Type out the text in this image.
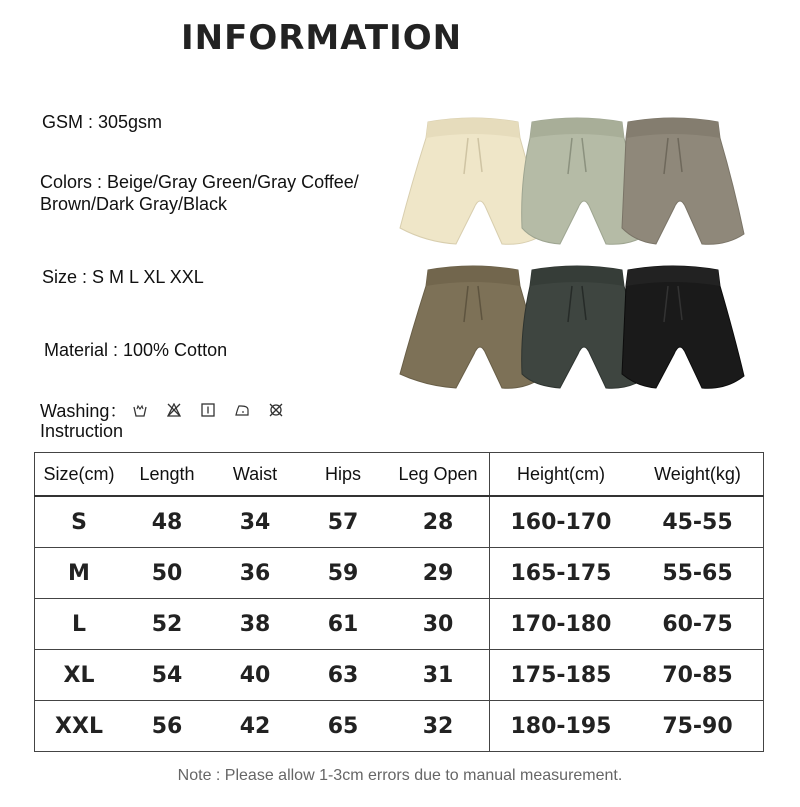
INFORMATION
GSM : 305gsm
Colors : Beige/Gray Green/Gray Coffee/
Brown/Dark Gray/Black
Size : S M L XL XXL
Material : 100% Cotton
Washing：
Instruction
Size(cm)	Length	Waist	Hips	Leg Open	Height(cm)	Weight(kg)
S	48	34	57	28	160-170	45-55
M	50	36	59	29	165-175	55-65
L	52	38	61	30	170-180	60-75
XL	54	40	63	31	175-185	70-85
XXL	56	42	65	32	180-195	75-90
Note : Please allow 1-3cm errors due to manual measurement.
